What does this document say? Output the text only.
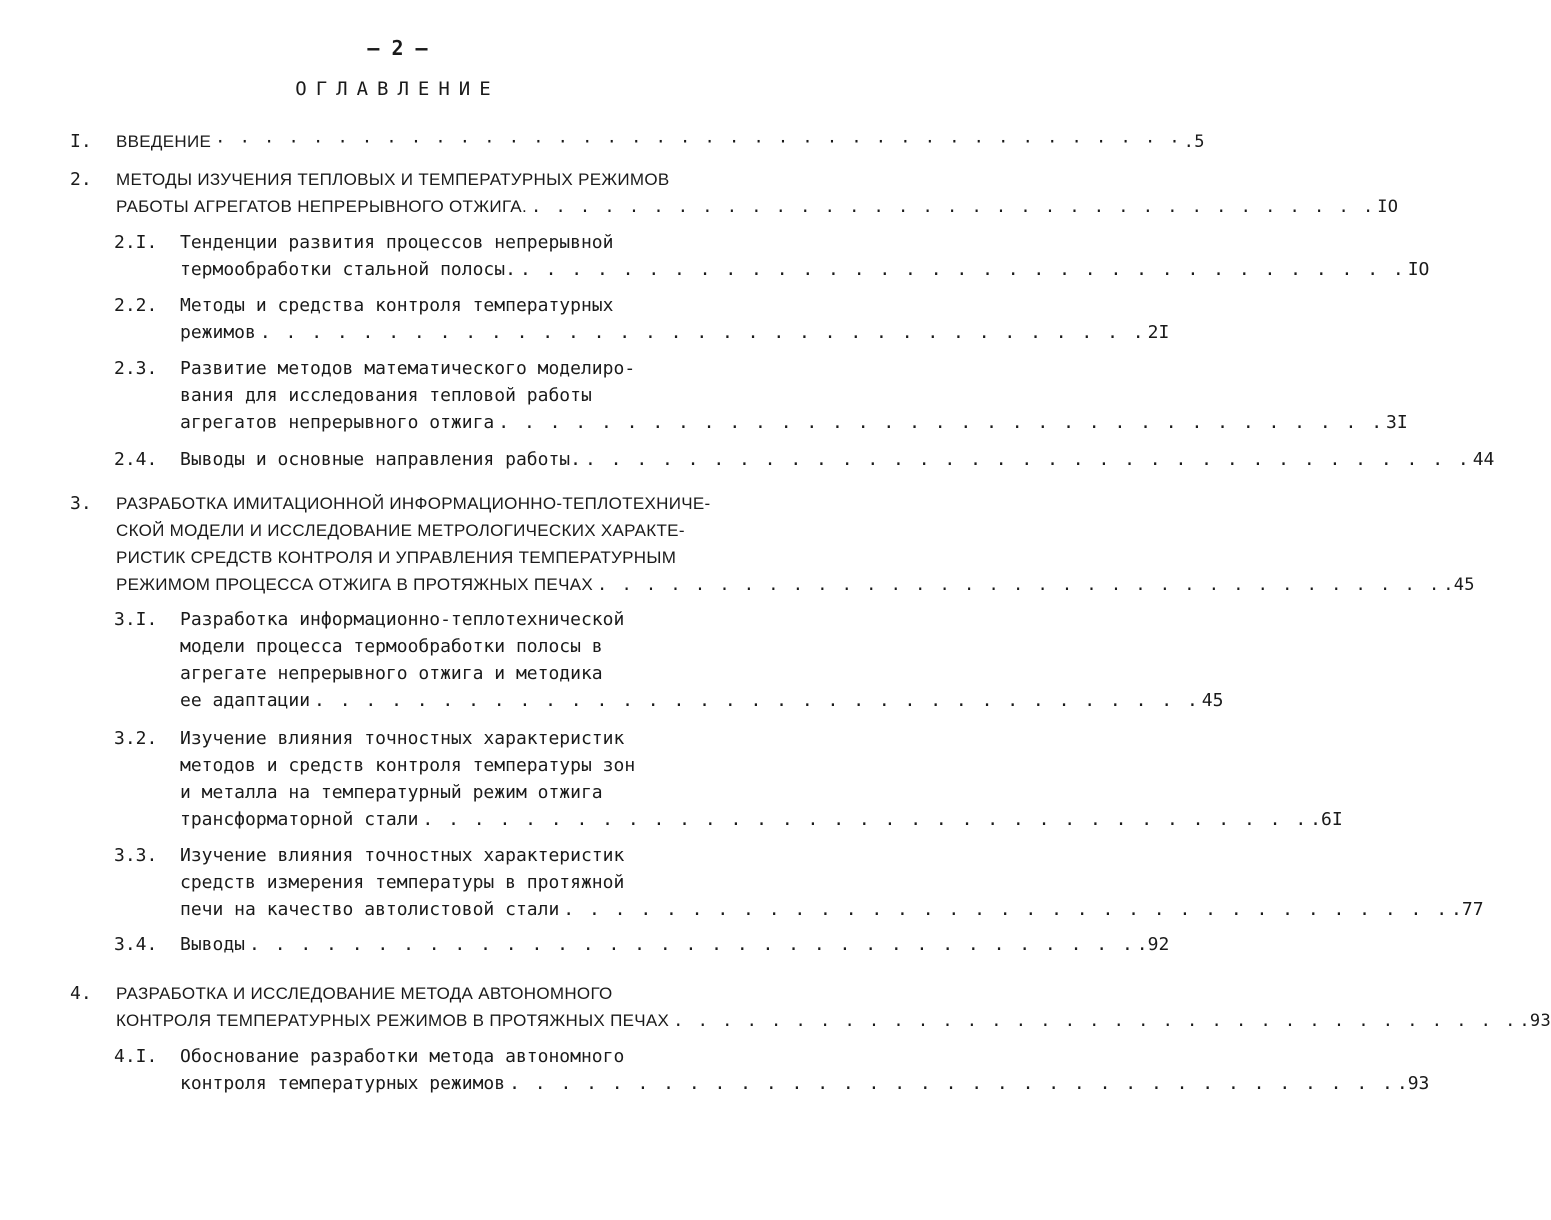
– 2 –
ОГЛАВЛЕНИЕ
I. ВВЕДЕНИЕ · · · · · · · · · · · · · · · · · · · · · · · · · · · · · · · · · · · · · · · · .5
2. МЕТОДЫ ИЗУЧЕНИЯ ТЕПЛОВЫХ И ТЕМПЕРАТУРНЫХ РЕЖИМОВ
РАБОТЫ АГРЕГАТОВ НЕПРЕРЫВНОГО ОТЖИГА. . . . . . . . . . . . . . . . . . . . . . . . . . . . . . . . . . . . IO
2.I. Тенденции развития процессов непрерывной
термообработки стальной полосы. . . . . . . . . . . . . . . . . . . . . . . . . . . . . . . . . . . . IO
2.2. Методы и средства контроля температурных
режимов . . . . . . . . . . . . . . . . . . . . . . . . . . . . . . . . . . . 2I
2.3. Развитие методов математического моделиро-
вания для исследования тепловой работы
агрегатов непрерывного отжига . . . . . . . . . . . . . . . . . . . . . . . . . . . . . . . . . . . 3I
2.4. Выводы и основные направления работы. . . . . . . . . . . . . . . . . . . . . . . . . . . . . . . . . . . . 44
3. РАЗРАБОТКА ИМИТАЦИОННОЙ ИНФОРМАЦИОННО-ТЕПЛОТЕХНИЧЕ-
СКОЙ МОДЕЛИ И ИССЛЕДОВАНИЕ МЕТРОЛОГИЧЕСКИХ ХАРАКТЕ-
РИСТИК СРЕДСТВ КОНТРОЛЯ И УПРАВЛЕНИЯ ТЕМПЕРАТУРНЫМ
РЕЖИМОМ ПРОЦЕССА ОТЖИГА В ПРОТЯЖНЫХ ПЕЧАХ . . . . . . . . . . . . . . . . . . . . . . . . . . . . . . . . . . . .45
3.I. Разработка информационно-теплотехнической
модели процесса термообработки полосы в
агрегате непрерывного отжига и методика
ее адаптации . . . . . . . . . . . . . . . . . . . . . . . . . . . . . . . . . . . 45
3.2. Изучение влияния точностных характеристик
методов и средств контроля температуры зон
и металла на температурный режим отжига
трансформаторной стали . . . . . . . . . . . . . . . . . . . . . . . . . . . . . . . . . . . .6I
3.3. Изучение влияния точностных характеристик
средств измерения температуры в протяжной
печи на качество автолистовой стали . . . . . . . . . . . . . . . . . . . . . . . . . . . . . . . . . . . .77
3.4. Выводы . . . . . . . . . . . . . . . . . . . . . . . . . . . . . . . . . . . .92
4. РАЗРАБОТКА И ИССЛЕДОВАНИЕ МЕТОДА АВТОНОМНОГО
КОНТРОЛЯ ТЕМПЕРАТУРНЫХ РЕЖИМОВ В ПРОТЯЖНЫХ ПЕЧАХ . . . . . . . . . . . . . . . . . . . . . . . . . . . . . . . . . . . .93
4.I. Обоснование разработки метода автономного
контроля температурных режимов . . . . . . . . . . . . . . . . . . . . . . . . . . . . . . . . . . . .93
